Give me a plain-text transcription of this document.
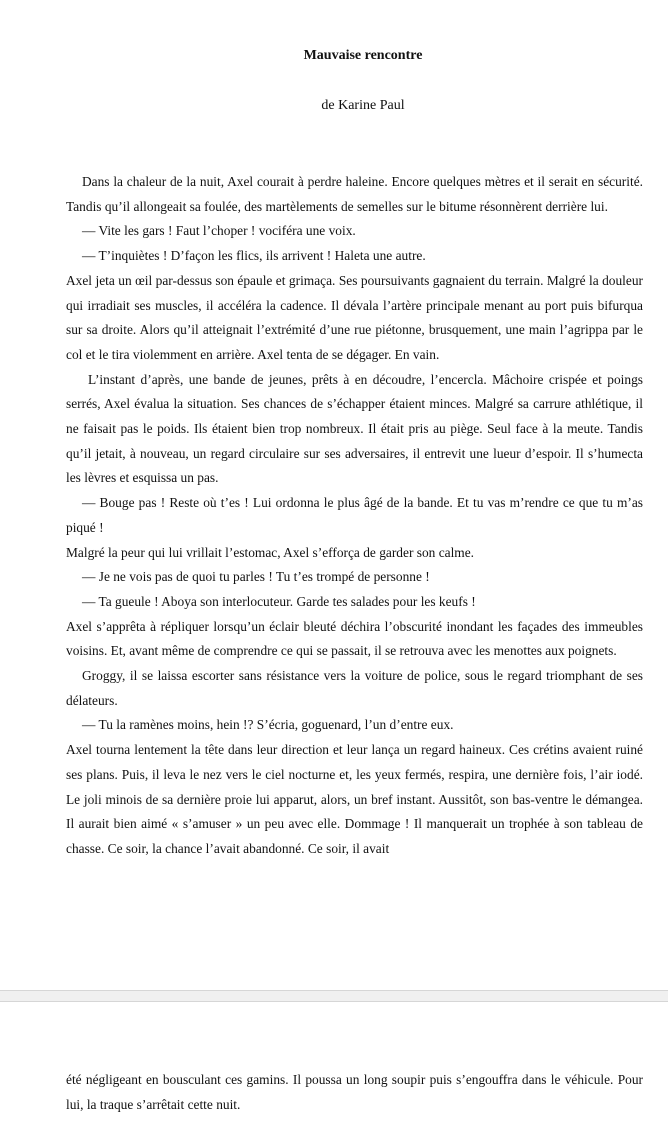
Mauvaise rencontre
de Karine Paul

Dans la chaleur de la nuit, Axel courait à perdre haleine. Encore quelques mètres et il serait en sécurité. Tandis qu’il allongeait sa foulée, des martèlements de semelles sur le bitume résonnèrent derrière lui.

— Vite les gars ! Faut l’choper ! vociféra une voix.

— T’inquiètes ! D’façon les flics, ils arrivent ! Haleta une autre.

Axel jeta un œil par-dessus son épaule et grimaça. Ses poursuivants gagnaient du terrain. Malgré la douleur qui irradiait ses muscles, il accéléra la cadence. Il dévala l’artère principale menant au port puis bifurqua sur sa droite. Alors qu’il atteignait l’extrémité d’une rue piétonne, brusquement, une main l’agrippa par le col et le tira violemment en arrière. Axel tenta de se dégager. En vain.

L’instant d’après, une bande de jeunes, prêts à en découdre, l’encercla. Mâchoire crispée et poings serrés, Axel évalua la situation. Ses chances de s’échapper étaient minces. Malgré sa carrure athlétique, il ne faisait pas le poids. Ils étaient bien trop nombreux. Il était pris au piège. Seul face à la meute. Tandis qu’il jetait, à nouveau, un regard circulaire sur ses adversaires, il entrevit une lueur d’espoir. Il s’humecta les lèvres et esquissa un pas.

— Bouge pas ! Reste où t’es ! Lui ordonna le plus âgé de la bande. Et tu vas m’rendre ce que tu m’as piqué !

Malgré la peur qui lui vrillait l’estomac, Axel s’efforça de garder son calme.

— Je ne vois pas de quoi tu parles ! Tu t’es trompé de personne !

— Ta gueule ! Aboya son interlocuteur. Garde tes salades pour les keufs !

Axel s’apprêta à répliquer lorsqu’un éclair bleuté déchira l’obscurité inondant les façades des immeubles voisins. Et, avant même de comprendre ce qui se passait, il se retrouva avec les menottes aux poignets.

Groggy, il se laissa escorter sans résistance vers la voiture de police, sous le regard triomphant de ses délateurs.

— Tu la ramènes moins, hein !? S’écria, goguenard, l’un d’entre eux.

Axel tourna lentement la tête dans leur direction et leur lança un regard haineux. Ces crétins avaient ruiné ses plans. Puis, il leva le nez vers le ciel nocturne et, les yeux fermés, respira, une dernière fois, l’air iodé. Le joli minois de sa dernière proie lui apparut, alors, un bref instant. Aussitôt, son bas-ventre le démangea. Il aurait bien aimé « s’amuser » un peu avec elle. Dommage ! Il manquerait un trophée à son tableau de chasse. Ce soir, la chance l’avait abandonné. Ce soir, il avait

été négligeant en bousculant ces gamins. Il poussa un long soupir puis s’engouffra dans le véhicule. Pour lui, la traque s’arrêtait cette nuit.
